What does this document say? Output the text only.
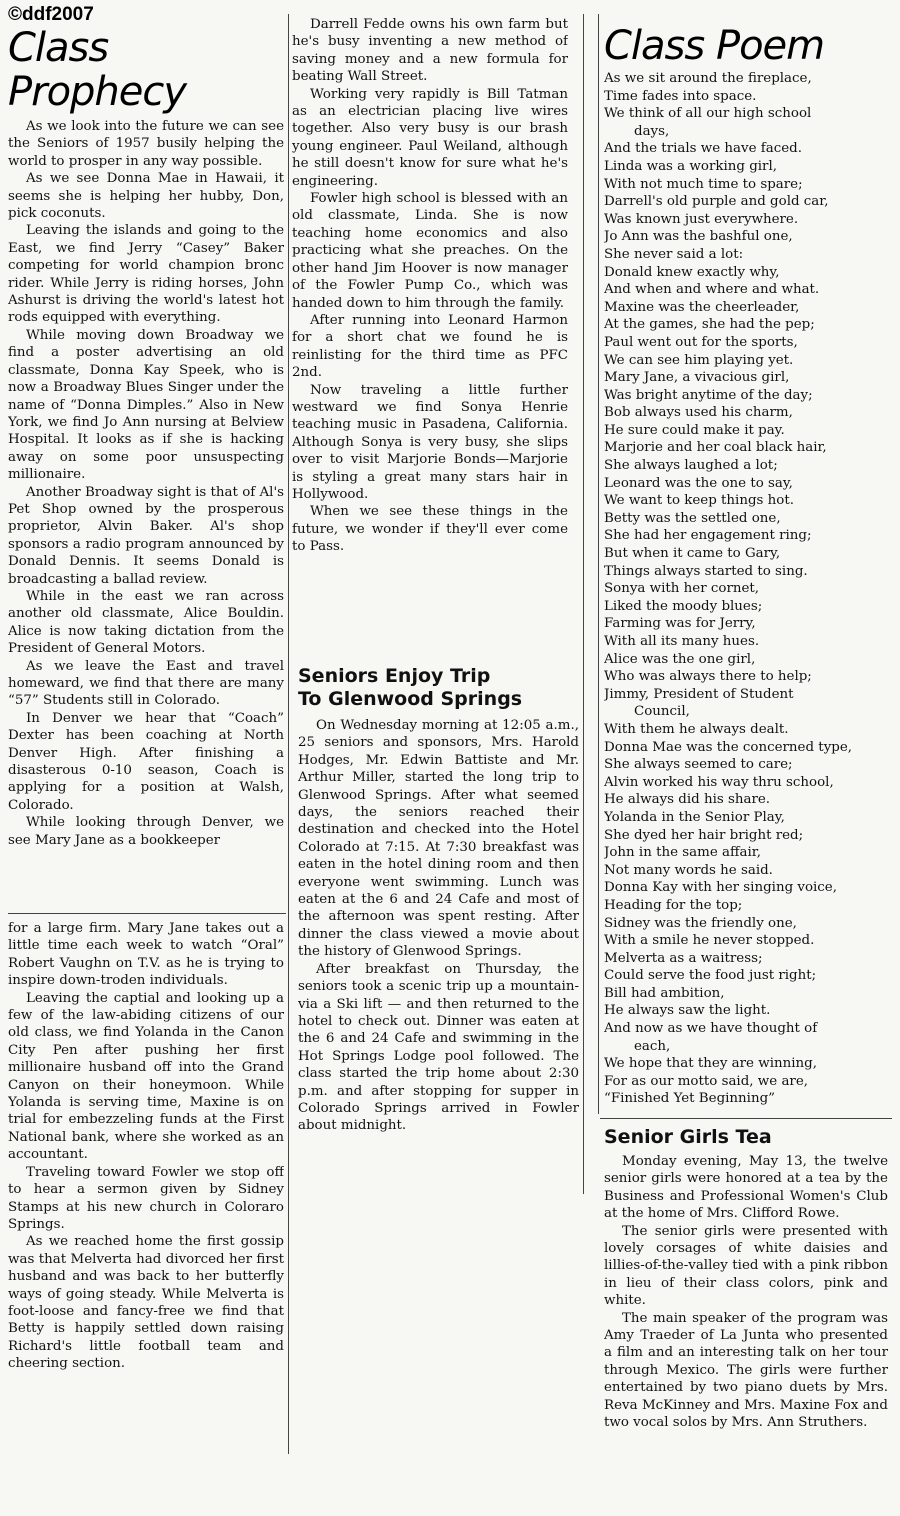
©ddf2007
Class Prophecy

As we look into the future we can see the Seniors of 1957 busily helping the world to prosper in any way possible.

As we see Donna Mae in Hawaii, it seems she is helping her hubby, Don, pick coconuts.

Leaving the islands and going to the East, we find Jerry “Casey” Baker competing for world champion bronc rider. While Jerry is riding horses, John Ashurst is driving the world's latest hot rods equipped with everything.

While moving down Broadway we find a poster advertising an old classmate, Donna Kay Speek, who is now a Broadway Blues Singer under the name of “Donna Dimples.” Also in New York, we find Jo Ann nursing at Belview Hospital. It looks as if she is hacking away on some poor unsuspecting millionaire.

Another Broadway sight is that of Al's Pet Shop owned by the prosperous proprietor, Alvin Baker. Al's shop sponsors a radio program announced by Donald Dennis. It seems Donald is broadcasting a ballad review.

While in the east we ran across another old classmate, Alice Bouldin. Alice is now taking dictation from the President of General Motors.

As we leave the East and travel homeward, we find that there are many “57” Students still in Colorado.

In Denver we hear that “Coach” Dexter has been coaching at North Denver High. After finishing a disasterous 0-10 season, Coach is applying for a position at Walsh, Colorado.

While looking through Denver, we see Mary Jane as a bookkeeper

for a large firm. Mary Jane takes out a little time each week to watch “Oral” Robert Vaughn on T.V. as he is trying to inspire down-troden individuals.

Leaving the captial and looking up a few of the law-abiding citizens of our old class, we find Yolanda in the Canon City Pen after pushing her first millionaire husband off into the Grand Canyon on their honeymoon. While Yolanda is serving time, Maxine is on trial for embezzeling funds at the First National bank, where she worked as an accountant.

Traveling toward Fowler we stop off to hear a sermon given by Sidney Stamps at his new church in Coloraro Springs.

As we reached home the first gossip was that Melverta had divorced her first husband and was back to her butterfly ways of going steady. While Melverta is foot-loose and fancy-free we find that Betty is happily settled down raising Richard's little football team and cheering section.

Darrell Fedde owns his own farm but he's busy inventing a new method of saving money and a new formula for beating Wall Street.

Working very rapidly is Bill Tatman as an electrician placing live wires together. Also very busy is our brash young engineer. Paul Weiland, although he still doesn't know for sure what he's engineering.

Fowler high school is blessed with an old classmate, Linda. She is now teaching home economics and also practicing what she preaches. On the other hand Jim Hoover is now manager of the Fowler Pump Co., which was handed down to him through the family.

After running into Leonard Harmon for a short chat we found he is reinlisting for the third time as PFC 2nd.

Now traveling a little further westward we find Sonya Henrie teaching music in Pasadena, California. Although Sonya is very busy, she slips over to visit Marjorie Bonds—Marjorie is styling a great many stars hair in Hollywood.

When we see these things in the future, we wonder if they'll ever come to Pass.

Seniors Enjoy Trip
To Glenwood Springs

On Wednesday morning at 12:05 a.m., 25 seniors and sponsors, Mrs. Harold Hodges, Mr. Edwin Battiste and Mr. Arthur Miller, started the long trip to Glenwood Springs. After what seemed days, the seniors reached their destination and checked into the Hotel Colorado at 7:15. At 7:30 breakfast was eaten in the hotel dining room and then everyone went swimming. Lunch was eaten at the 6 and 24 Cafe and most of the afternoon was spent resting. After dinner the class viewed a movie about the history of Glenwood Springs.

After breakfast on Thursday, the seniors took a scenic trip up a mountain-via a Ski lift — and then returned to the hotel to check out. Dinner was eaten at the 6 and 24 Cafe and swimming in the Hot Springs Lodge pool followed. The class started the trip home about 2:30 p.m. and after stopping for supper in Colorado Springs arrived in Fowler about midnight.

Class Poem
As we sit around the fireplace,
Time fades into space.
We think of all our high school
days,
And the trials we have faced.
Linda was a working girl,
With not much time to spare;
Darrell's old purple and gold car,
Was known just everywhere.
Jo Ann was the bashful one,
She never said a lot:
Donald knew exactly why,
And when and where and what.
Maxine was the cheerleader,
At the games, she had the pep;
Paul went out for the sports,
We can see him playing yet.
Mary Jane, a vivacious girl,
Was bright anytime of the day;
Bob always used his charm,
He sure could make it pay.
Marjorie and her coal black hair,
She always laughed a lot;
Leonard was the one to say,
We want to keep things hot.
Betty was the settled one,
She had her engagement ring;
But when it came to Gary,
Things always started to sing.
Sonya with her cornet,
Liked the moody blues;
Farming was for Jerry,
With all its many hues.
Alice was the one girl,
Who was always there to help;
Jimmy, President of Student
Council,
With them he always dealt.
Donna Mae was the concerned type,
She always seemed to care;
Alvin worked his way thru school,
He always did his share.
Yolanda in the Senior Play,
She dyed her hair bright red;
John in the same affair,
Not many words he said.
Donna Kay with her singing voice,
Heading for the top;
Sidney was the friendly one,
With a smile he never stopped.
Melverta as a waitress;
Could serve the food just right;
Bill had ambition,
He always saw the light.
And now as we have thought of
each,
We hope that they are winning,
For as our motto said, we are,
“Finished Yet Beginning”
Senior Girls Tea

Monday evening, May 13, the twelve senior girls were honored at a tea by the Business and Professional Women's Club at the home of Mrs. Clifford Rowe.

The senior girls were presented with lovely corsages of white daisies and lillies-of-the-valley tied with a pink ribbon in lieu of their class colors, pink and white.

The main speaker of the program was Amy Traeder of La Junta who presented a film and an interesting talk on her tour through Mexico. The girls were further entertained by two piano duets by Mrs. Reva McKinney and Mrs. Maxine Fox and two vocal solos by Mrs. Ann Struthers.
